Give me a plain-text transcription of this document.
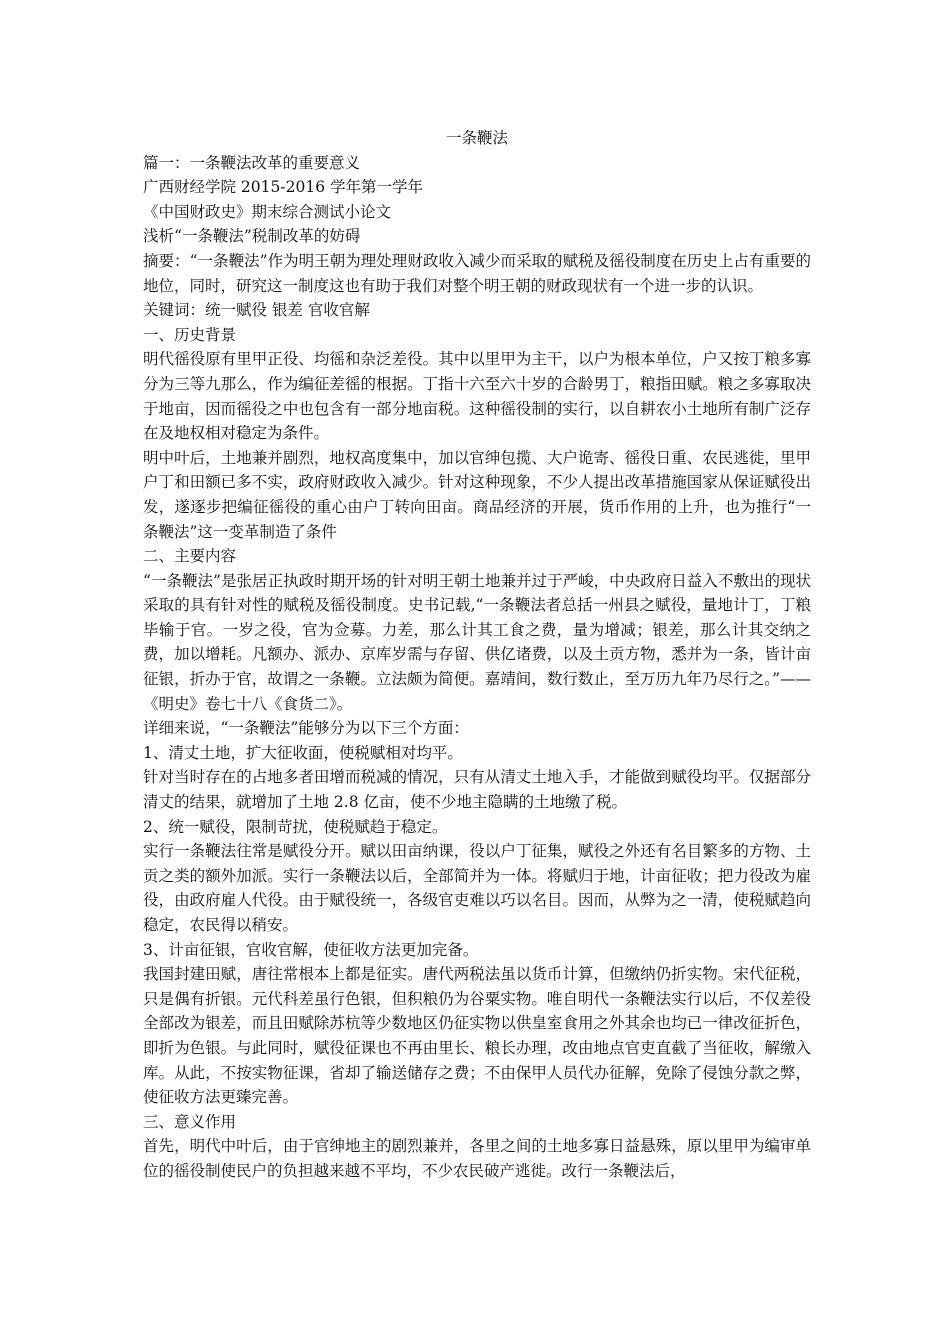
一条鞭法

篇一：一条鞭法改革的重要意义

广西财经学院 2015-2016 学年第一学年

《中国财政史》期末综合测试小论文

浅析“一条鞭法”税制改革的妨碍

摘要：“一条鞭法”作为明王朝为理处理财政收入减少而采取的赋税及徭役制度在历史上占有重要的地位，同时，研究这一制度这也有助于我们对整个明王朝的财政现状有一个进一步的认识。

关键词：统一赋役 银差 官收官解

一、历史背景

明代徭役原有里甲正役、均徭和杂泛差役。其中以里甲为主干，以户为根本单位，户又按丁粮多寡分为三等九那么，作为编征差徭的根据。丁指十六至六十岁的合龄男丁，粮指田赋。粮之多寡取决于地亩，因而徭役之中也包含有一部分地亩税。这种徭役制的实行，以自耕农小土地所有制广泛存在及地权相对稳定为条件。

明中叶后，土地兼并剧烈，地权高度集中，加以官绅包揽、大户诡寄、徭役日重、农民逃徙，里甲户丁和田额已多不实，政府财政收入减少。针对这种现象，不少人提出改革措施国家从保证赋役出发，遂逐步把编征徭役的重心由户丁转向田亩。商品经济的开展，货币作用的上升，也为推行“一条鞭法”这一变革制造了条件

二、主要内容

“一条鞭法”是张居正执政时期开场的针对明王朝土地兼并过于严峻，中央政府日益入不敷出的现状采取的具有针对性的赋税及徭役制度。史书记载,“一条鞭法者总括一州县之赋役，量地计丁，丁粮毕输于官。一岁之役，官为佥募。力差，那么计其工食之费，量为增减；银差，那么计其交纳之费，加以增耗。凡额办、派办、京库岁需与存留、供亿诸费，以及土贡方物，悉并为一条，皆计亩征银，折办于官，故谓之一条鞭。立法颇为简便。嘉靖间，数行数止，至万历九年乃尽行之。”——《明史》卷七十八《食货二》。

详细来说，“一条鞭法”能够分为以下三个方面：

1、清丈土地，扩大征收面，使税赋相对均平。

针对当时存在的占地多者田增而税减的情况，只有从清丈土地入手，才能做到赋役均平。仅据部分清丈的结果，就增加了土地 2.8 亿亩，使不少地主隐瞒的土地缴了税。

2、统一赋役，限制苛扰，使税赋趋于稳定。

实行一条鞭法往常是赋役分开。赋以田亩纳课，役以户丁征集，赋役之外还有名目繁多的方物、土贡之类的额外加派。实行一条鞭法以后，全部简并为一体。将赋归于地，计亩征收；把力役改为雇役，由政府雇人代役。由于赋役统一，各级官吏难以巧以名目。因而，从弊为之一清，使税赋趋向稳定，农民得以稍安。

3、计亩征银，官收官解，使征收方法更加完备。

我国封建田赋，唐往常根本上都是征实。唐代两税法虽以货币计算，但缴纳仍折实物。宋代征税，只是偶有折银。元代科差虽行色银，但积粮仍为谷粟实物。唯自明代一条鞭法实行以后，不仅差役全部改为银差，而且田赋除苏杭等少数地区仍征实物以供皇室食用之外其余也均已一律改征折色，即折为色银。与此同时，赋役征课也不再由里长、粮长办理，改由地点官吏直截了当征收，解缴入库。从此，不按实物征课，省却了输送储存之费；不由保甲人员代办征解，免除了侵蚀分款之弊，使征收方法更臻完善。

三、意义作用

首先，明代中叶后，由于官绅地主的剧烈兼并，各里之间的土地多寡日益悬殊，原以里甲为编审单位的徭役制使民户的负担越来越不平均，不少农民破产逃徙。改行一条鞭法后，
